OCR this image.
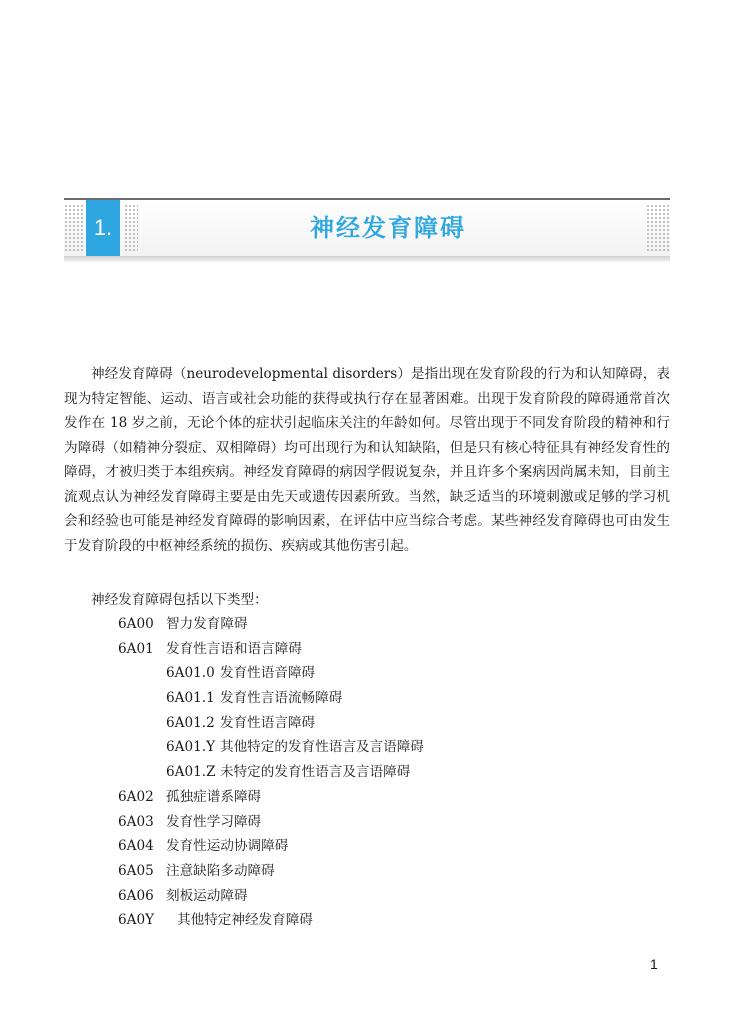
1.	神经发育障碍

神经发育障碍（neurodevelopmental disorders）是指出现在发育阶段的行为和认知障碍，表现为特定智能、运动、语言或社会功能的获得或执行存在显著困难。出现于发育阶段的障碍通常首次发作在 18 岁之前，无论个体的症状引起临床关注的年龄如何。尽管出现于不同发育阶段的精神和行为障碍（如精神分裂症、双相障碍）均可出现行为和认知缺陷，但是只有核心特征具有神经发育性的障碍，才被归类于本组疾病。神经发育障碍的病因学假说复杂，并且许多个案病因尚属未知，目前主流观点认为神经发育障碍主要是由先天或遗传因素所致。当然，缺乏适当的环境刺激或足够的学习机会和经验也可能是神经发育障碍的影响因素，在评估中应当综合考虑。某些神经发育障碍也可由发生于发育阶段的中枢神经系统的损伤、疾病或其他伤害引起。

神经发育障碍包括以下类型：

6A00 智力发育障碍
6A01 发育性言语和语言障碍
6A01.0 发育性语音障碍
6A01.1 发育性言语流畅障碍
6A01.2 发育性语言障碍
6A01.Y 其他特定的发育性语言及言语障碍
6A01.Z 未特定的发育性语言及言语障碍
6A02 孤独症谱系障碍
6A03 发育性学习障碍
6A04 发育性运动协调障碍
6A05 注意缺陷多动障碍
6A06 刻板运动障碍
6A0Y	其他特定神经发育障碍
1
